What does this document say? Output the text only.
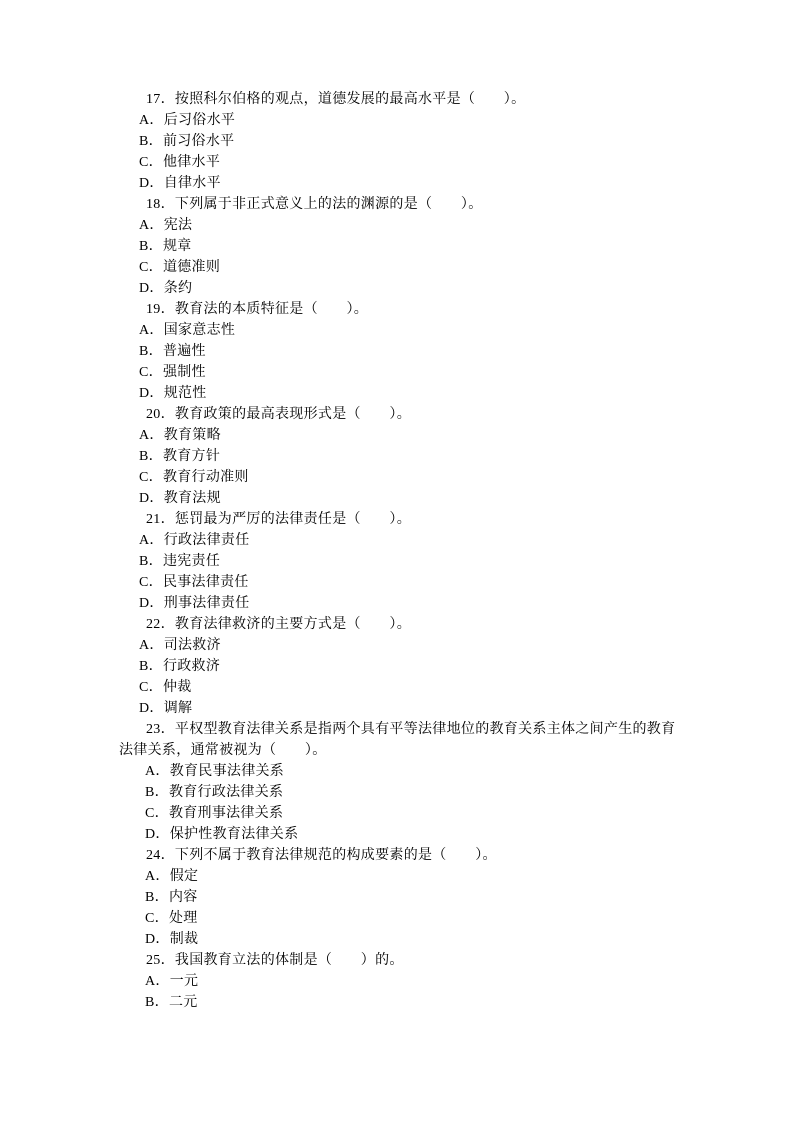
17．按照科尔伯格的观点，道德发展的最高水平是（　　）。

A．后习俗水平

B．前习俗水平

C．他律水平

D．自律水平

18．下列属于非正式意义上的法的渊源的是（　　）。

A．宪法

B．规章

C．道德准则

D．条约

19．教育法的本质特征是（　　）。

A．国家意志性

B．普遍性

C．强制性

D．规范性

20．教育政策的最高表现形式是（　　）。

A．教育策略

B．教育方针

C．教育行动准则

D．教育法规

21．惩罚最为严厉的法律责任是（　　）。

A．行政法律责任

B．违宪责任

C．民事法律责任

D．刑事法律责任

22．教育法律救济的主要方式是（　　）。

A．司法救济

B．行政救济

C．仲裁

D．调解

23．平权型教育法律关系是指两个具有平等法律地位的教育关系主体之间产生的教育法律关系，通常被视为（　　）。

A．教育民事法律关系

B．教育行政法律关系

C．教育刑事法律关系

D．保护性教育法律关系

24．下列不属于教育法律规范的构成要素的是（　　）。

A．假定

B．内容

C．处理

D．制裁

25．我国教育立法的体制是（　　）的。

A．一元

B．二元
